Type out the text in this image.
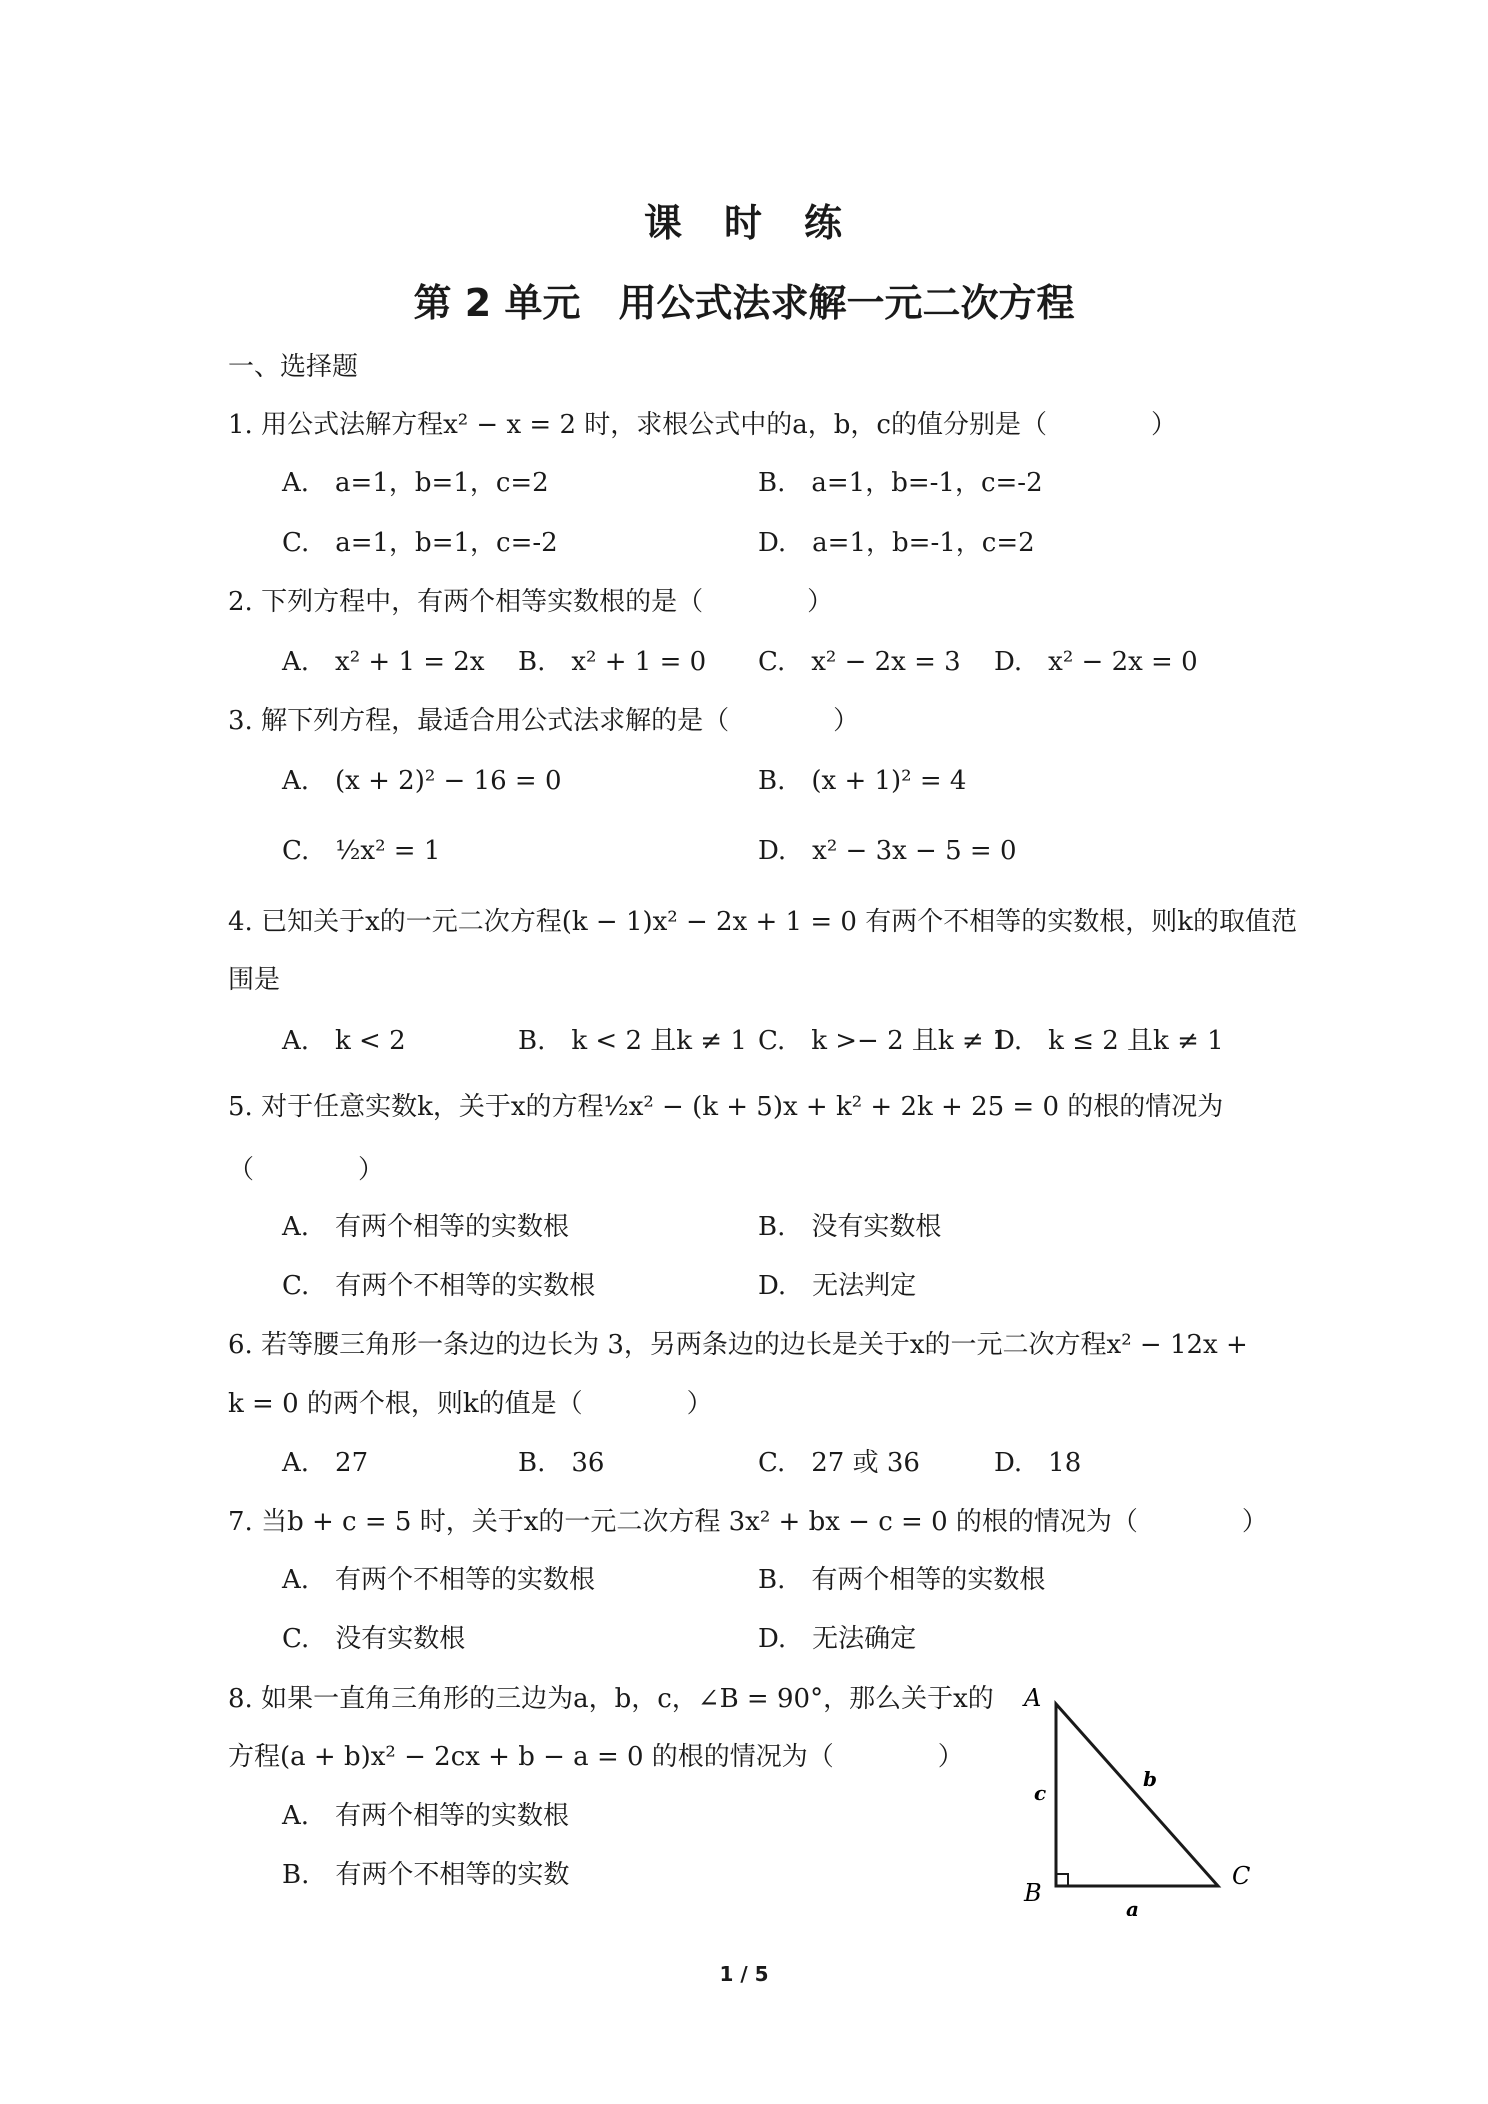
课　时　练
第 2 单元　用公式法求解一元二次方程
一、选择题
1. 用公式法解方程x² − x = 2 时，求根公式中的a，b，c的值分别是（　　　　）
A.　a=1，b=1，c=2	B.　a=1，b=-1，c=-2
C.　a=1，b=1，c=-2	D.　a=1，b=-1，c=2
2. 下列方程中，有两个相等实数根的是（　　　　）
A.　x² + 1 = 2x B.　x² + 1 = 0 C.　x² − 2x = 3 D.　x² − 2x = 0
3. 解下列方程，最适合用公式法求解的是（　　　　）
A.　(x + 2)² − 16 = 0	B.　(x + 1)² = 4
C.　½x² = 1	D.　x² − 3x − 5 = 0
4. 已知关于x的一元二次方程(k − 1)x² − 2x + 1 = 0 有两个不相等的实数根，则k的取值范
围是
A.　k < 2	B.　k < 2 且k ≠ 1 C.　k >− 2 且k ≠ 1
D.　k ≤ 2 且k ≠ 1
5. 对于任意实数k，关于x的方程½x² − (k + 5)x + k² + 2k + 25 = 0 的根的情况为
（　　　　）
A.　有两个相等的实数根	B.　没有实数根
C.　有两个不相等的实数根	D.　无法判定
6. 若等腰三角形一条边的边长为 3，另两条边的边长是关于x的一元二次方程x² − 12x +
k = 0 的两个根，则k的值是（　　　　）
A.　27	B.　36	C.　27 或 36	D.　18
7. 当b + c = 5 时，关于x的一元二次方程 3x² + bx − c = 0 的根的情况为（　　　　）
A.　有两个不相等的实数根	B.　有两个相等的实数根
C.　没有实数根	D.　无法确定
8. 如果一直角三角形的三边为a，b，c，∠B = 90°，那么关于x的
方程(a + b)x² − 2cx + b − a = 0 的根的情况为（　　　　）
A.　有两个相等的实数根
B.　有两个不相等的实数
A
B
C
c
b
a
1 / 5
